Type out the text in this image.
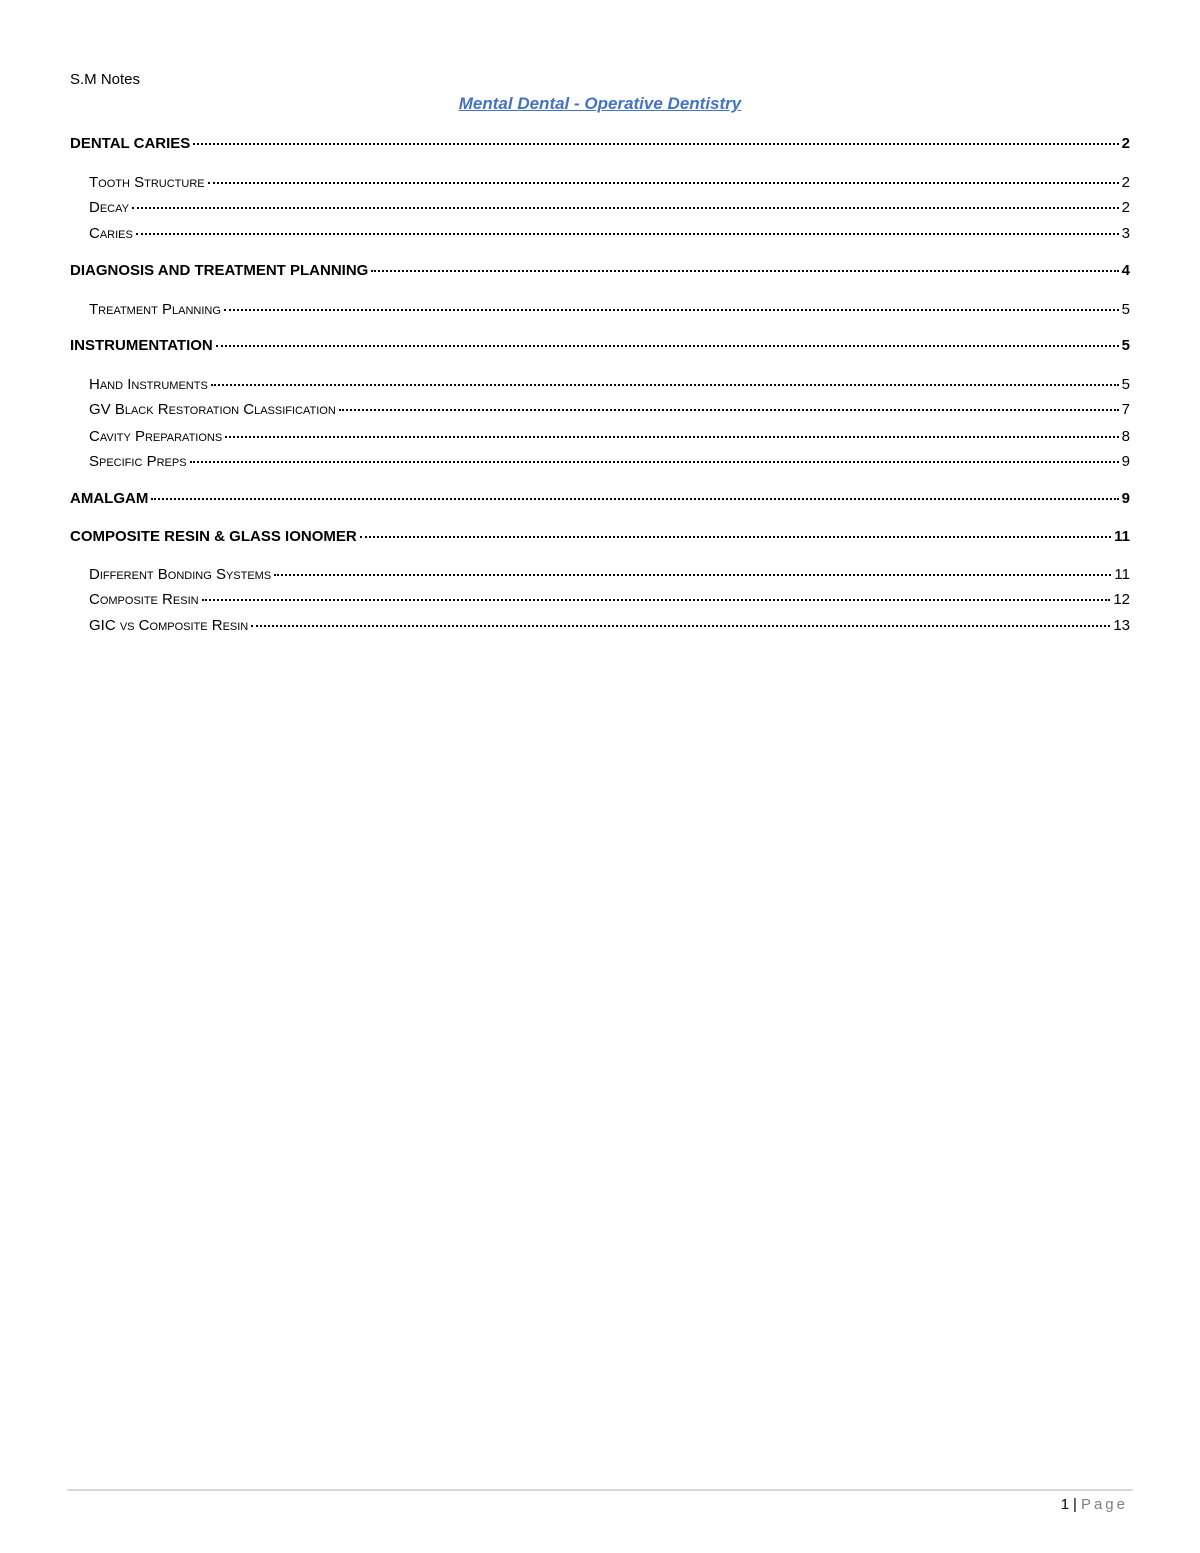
S.M Notes
Mental Dental - Operative Dentistry
DENTAL CARIES	2
Tooth Structure	2
Decay	2
Caries	3
DIAGNOSIS AND TREATMENT PLANNING	4
Treatment Planning	5
INSTRUMENTATION	5
Hand Instruments	5
GV Black Restoration Classification	7
Cavity Preparations	8
Specific Preps	9
AMALGAM	9
COMPOSITE RESIN & GLASS IONOMER	11
Different Bonding Systems	11
Composite Resin	12
GIC vs Composite Resin	13
1 | Page
